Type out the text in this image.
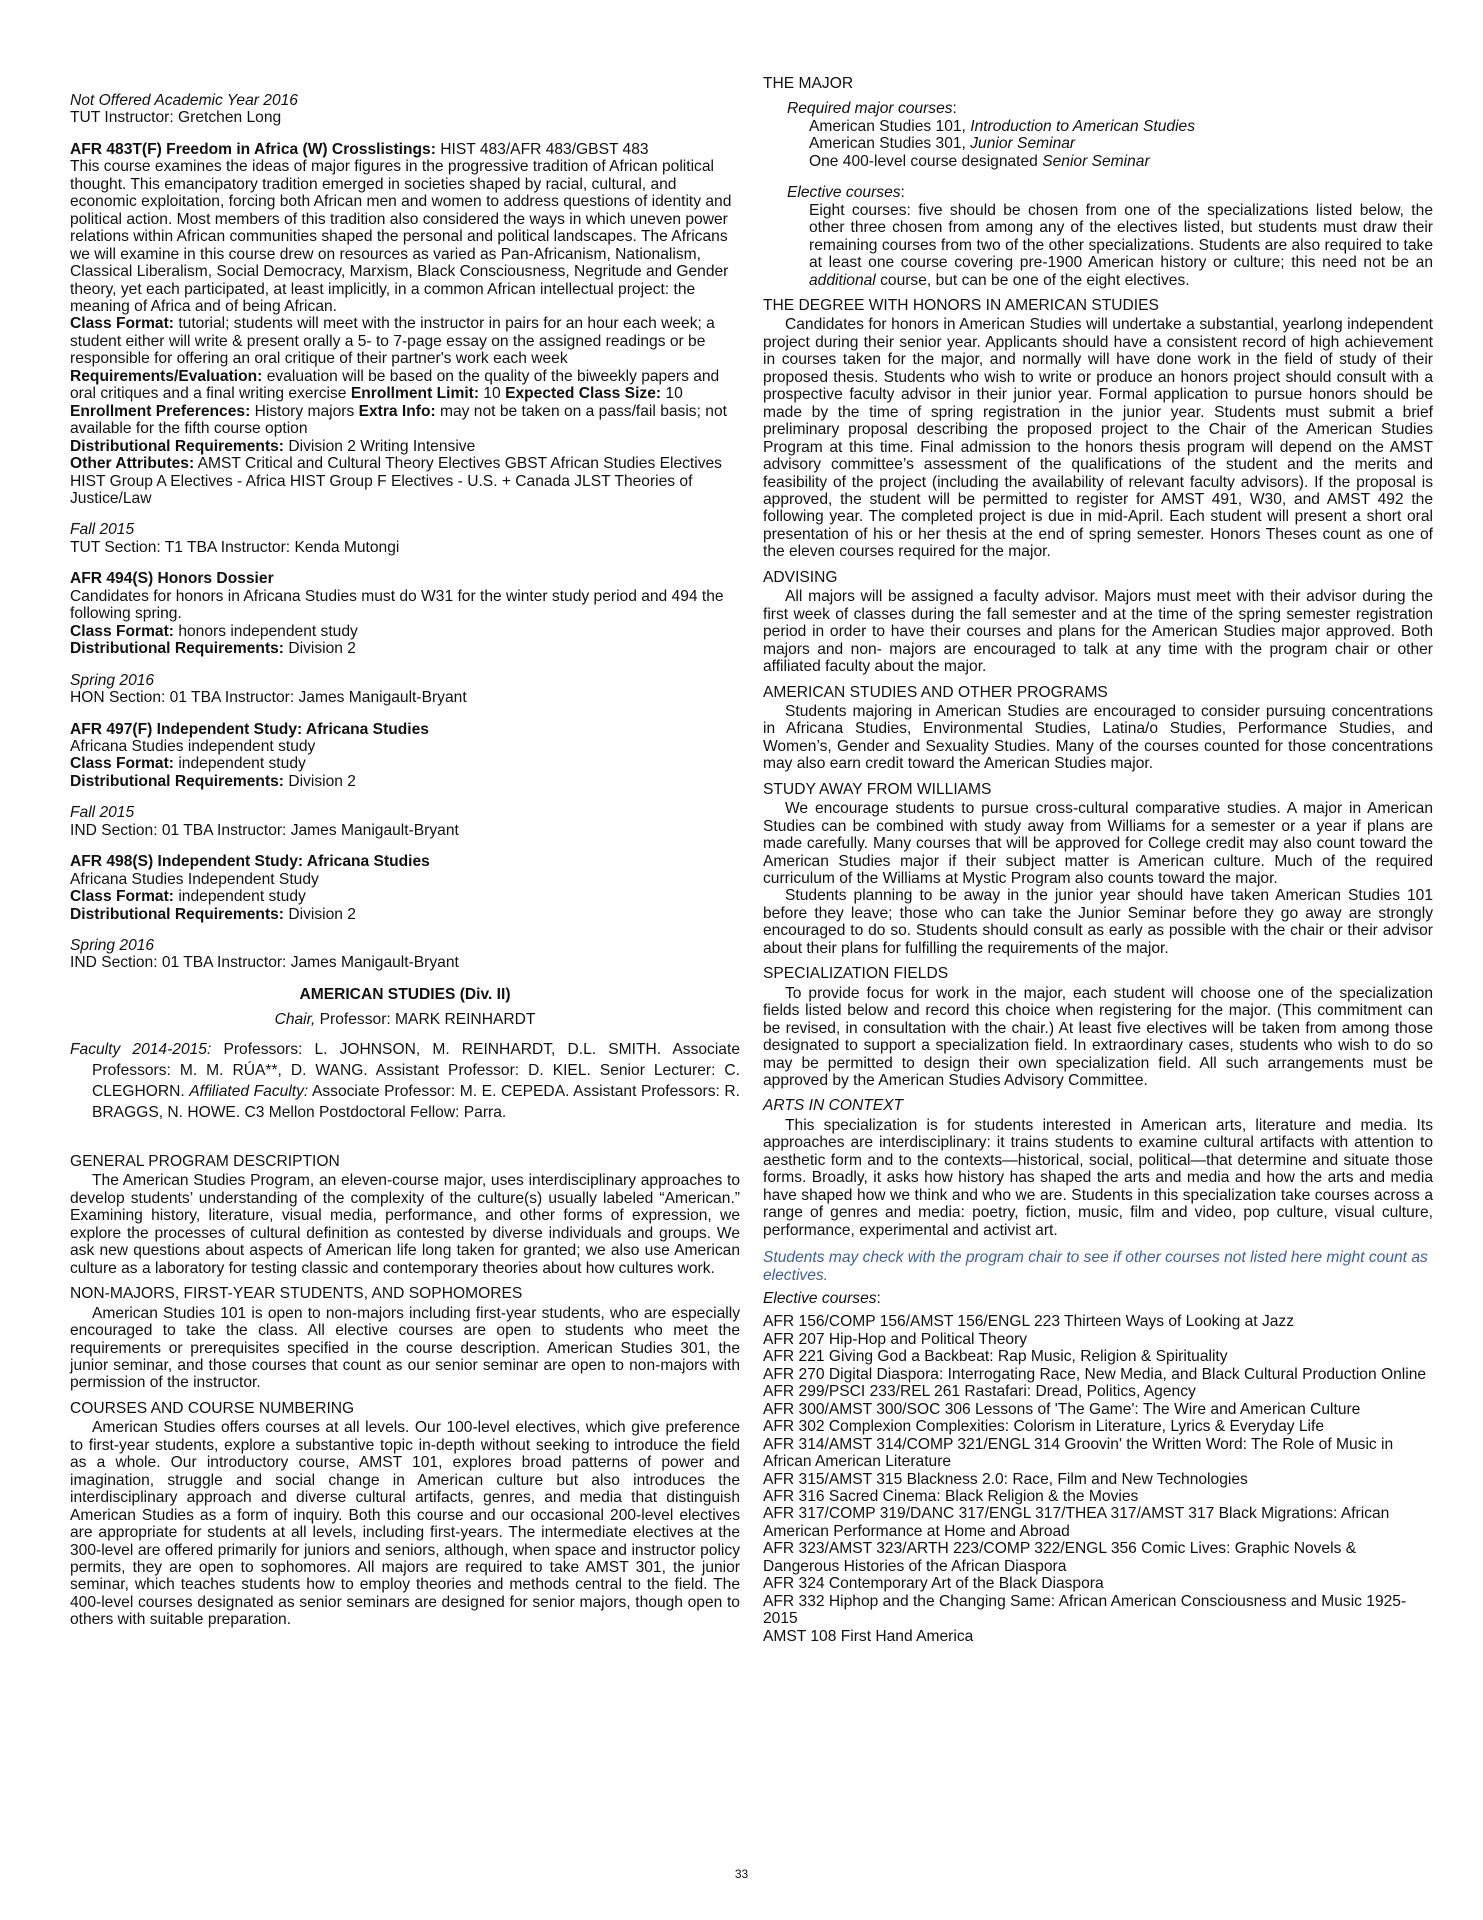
Not Offered Academic Year 2016

TUT Instructor: Gretchen Long

AFR 483T(F) Freedom in Africa (W) Crosslistings: HIST 483/AFR 483/GBST 483

This course examines the ideas of major figures in the progressive tradition of African political thought. This emancipatory tradition emerged in societies shaped by racial, cultural, and economic exploitation, forcing both African men and women to address questions of identity and political action. Most members of this tradition also considered the ways in which uneven power relations within African communities shaped the personal and political landscapes. The Africans we will examine in this course drew on resources as varied as Pan-Africanism, Nationalism, Classical Liberalism, Social Democracy, Marxism, Black Consciousness, Negritude and Gender theory, yet each participated, at least implicitly, in a common African intellectual project: the meaning of Africa and of being African.

Class Format: tutorial; students will meet with the instructor in pairs for an hour each week; a student either will write & present orally a 5- to 7-page essay on the assigned readings or be responsible for offering an oral critique of their partner's work each week

Requirements/Evaluation: evaluation will be based on the quality of the biweekly papers and oral critiques and a final writing exercise Enrollment Limit: 10 Expected Class Size: 10

Enrollment Preferences: History majors Extra Info: may not be taken on a pass/fail basis; not available for the fifth course option

Distributional Requirements: Division 2 Writing Intensive

Other Attributes: AMST Critical and Cultural Theory Electives GBST African Studies Electives HIST Group A Electives - Africa HIST Group F Electives - U.S. + Canada JLST Theories of Justice/Law

Fall 2015

TUT Section: T1 TBA Instructor: Kenda Mutongi

AFR 494(S) Honors Dossier

Candidates for honors in Africana Studies must do W31 for the winter study period and 494 the following spring.

Class Format: honors independent study

Distributional Requirements: Division 2

Spring 2016

HON Section: 01 TBA Instructor: James Manigault-Bryant

AFR 497(F) Independent Study: Africana Studies

Africana Studies independent study

Class Format: independent study

Distributional Requirements: Division 2

Fall 2015

IND Section: 01 TBA Instructor: James Manigault-Bryant

AFR 498(S) Independent Study: Africana Studies

Africana Studies Independent Study

Class Format: independent study

Distributional Requirements: Division 2

Spring 2016

IND Section: 01 TBA Instructor: James Manigault-Bryant

AMERICAN STUDIES (Div. II)

Chair, Professor: MARK REINHARDT

Faculty 2014-2015: Professors: L. JOHNSON, M. REINHARDT, D.L. SMITH. Associate Professors: M. M. RÚA**, D. WANG. Assistant Professor: D. KIEL. Senior Lecturer: C. CLEGHORN. Affiliated Faculty: Associate Professor: M. E. CEPEDA. Assistant Professors: R. BRAGGS, N. HOWE. C3 Mellon Postdoctoral Fellow: Parra.

GENERAL PROGRAM DESCRIPTION

The American Studies Program, an eleven-course major, uses interdisciplinary approaches to develop students’ understanding of the complexity of the culture(s) usually labeled “American.” Examining history, literature, visual media, performance, and other forms of expression, we explore the processes of cultural definition as contested by diverse individuals and groups. We ask new questions about aspects of American life long taken for granted; we also use American culture as a laboratory for testing classic and contemporary theories about how cultures work.

NON-MAJORS, FIRST-YEAR STUDENTS, AND SOPHOMORES

American Studies 101 is open to non-majors including first-year students, who are especially encouraged to take the class. All elective courses are open to students who meet the requirements or prerequisites specified in the course description. American Studies 301, the junior seminar, and those courses that count as our senior seminar are open to non-majors with permission of the instructor.

COURSES AND COURSE NUMBERING

American Studies offers courses at all levels. Our 100-level electives, which give preference to first-year students, explore a substantive topic in-depth without seeking to introduce the field as a whole. Our introductory course, AMST 101, explores broad patterns of power and imagination, struggle and social change in American culture but also introduces the interdisciplinary approach and diverse cultural artifacts, genres, and media that distinguish American Studies as a form of inquiry. Both this course and our occasional 200-level electives are appropriate for students at all levels, including first-years. The intermediate electives at the 300-level are offered primarily for juniors and seniors, although, when space and instructor policy permits, they are open to sophomores. All majors are required to take AMST 301, the junior seminar, which teaches students how to employ theories and methods central to the field. The 400-level courses designated as senior seminars are designed for senior majors, though open to others with suitable preparation.

THE MAJOR

Required major courses:

American Studies 101, Introduction to American Studies

American Studies 301, Junior Seminar

One 400-level course designated Senior Seminar

Elective courses:

Eight courses: five should be chosen from one of the specializations listed below, the other three chosen from among any of the electives listed, but students must draw their remaining courses from two of the other specializations. Students are also required to take at least one course covering pre-1900 American history or culture; this need not be an additional course, but can be one of the eight electives.

THE DEGREE WITH HONORS IN AMERICAN STUDIES

Candidates for honors in American Studies will undertake a substantial, yearlong independent project during their senior year. Applicants should have a consistent record of high achievement in courses taken for the major, and normally will have done work in the field of study of their proposed thesis. Students who wish to write or produce an honors project should consult with a prospective faculty advisor in their junior year. Formal application to pursue honors should be made by the time of spring registration in the junior year. Students must submit a brief preliminary proposal describing the proposed project to the Chair of the American Studies Program at this time. Final admission to the honors thesis program will depend on the AMST advisory committee’s assessment of the qualifications of the student and the merits and feasibility of the project (including the availability of relevant faculty advisors). If the proposal is approved, the student will be permitted to register for AMST 491, W30, and AMST 492 the following year. The completed project is due in mid-April. Each student will present a short oral presentation of his or her thesis at the end of spring semester. Honors Theses count as one of the eleven courses required for the major.

ADVISING

All majors will be assigned a faculty advisor. Majors must meet with their advisor during the first week of classes during the fall semester and at the time of the spring semester registration period in order to have their courses and plans for the American Studies major approved. Both majors and non- majors are encouraged to talk at any time with the program chair or other affiliated faculty about the major.

AMERICAN STUDIES AND OTHER PROGRAMS

Students majoring in American Studies are encouraged to consider pursuing concentrations in Africana Studies, Environmental Studies, Latina/o Studies, Performance Studies, and Women’s, Gender and Sexuality Studies. Many of the courses counted for those concentrations may also earn credit toward the American Studies major.

STUDY AWAY FROM WILLIAMS

We encourage students to pursue cross-cultural comparative studies. A major in American Studies can be combined with study away from Williams for a semester or a year if plans are made carefully. Many courses that will be approved for College credit may also count toward the American Studies major if their subject matter is American culture. Much of the required curriculum of the Williams at Mystic Program also counts toward the major.

Students planning to be away in the junior year should have taken American Studies 101 before they leave; those who can take the Junior Seminar before they go away are strongly encouraged to do so. Students should consult as early as possible with the chair or their advisor about their plans for fulfilling the requirements of the major.

SPECIALIZATION FIELDS

To provide focus for work in the major, each student will choose one of the specialization fields listed below and record this choice when registering for the major. (This commitment can be revised, in consultation with the chair.) At least five electives will be taken from among those designated to support a specialization field. In extraordinary cases, students who wish to do so may be permitted to design their own specialization field. All such arrangements must be approved by the American Studies Advisory Committee.

ARTS IN CONTEXT

This specialization is for students interested in American arts, literature and media. Its approaches are interdisciplinary: it trains students to examine cultural artifacts with attention to aesthetic form and to the contexts—historical, social, political—that determine and situate those forms. Broadly, it asks how history has shaped the arts and media and how the arts and media have shaped how we think and who we are. Students in this specialization take courses across a range of genres and media: poetry, fiction, music, film and video, pop culture, visual culture, performance, experimental and activist art.

Students may check with the program chair to see if other courses not listed here might count as electives.

Elective courses:

AFR 156/COMP 156/AMST 156/ENGL 223 Thirteen Ways of Looking at Jazz

AFR 207 Hip-Hop and Political Theory

AFR 221 Giving God a Backbeat: Rap Music, Religion & Spirituality

AFR 270 Digital Diaspora: Interrogating Race, New Media, and Black Cultural Production Online

AFR 299/PSCI 233/REL 261 Rastafari: Dread, Politics, Agency

AFR 300/AMST 300/SOC 306 Lessons of 'The Game': The Wire and American Culture

AFR 302 Complexion Complexities: Colorism in Literature, Lyrics & Everyday Life

AFR 314/AMST 314/COMP 321/ENGL 314 Groovin' the Written Word: The Role of Music in African American Literature

AFR 315/AMST 315 Blackness 2.0: Race, Film and New Technologies

AFR 316 Sacred Cinema: Black Religion & the Movies

AFR 317/COMP 319/DANC 317/ENGL 317/THEA 317/AMST 317 Black Migrations: African American Performance at Home and Abroad

AFR 323/AMST 323/ARTH 223/COMP 322/ENGL 356 Comic Lives: Graphic Novels & Dangerous Histories of the African Diaspora

AFR 324 Contemporary Art of the Black Diaspora

AFR 332 Hiphop and the Changing Same: African American Consciousness and Music 1925-2015

AMST 108 First Hand America

33
